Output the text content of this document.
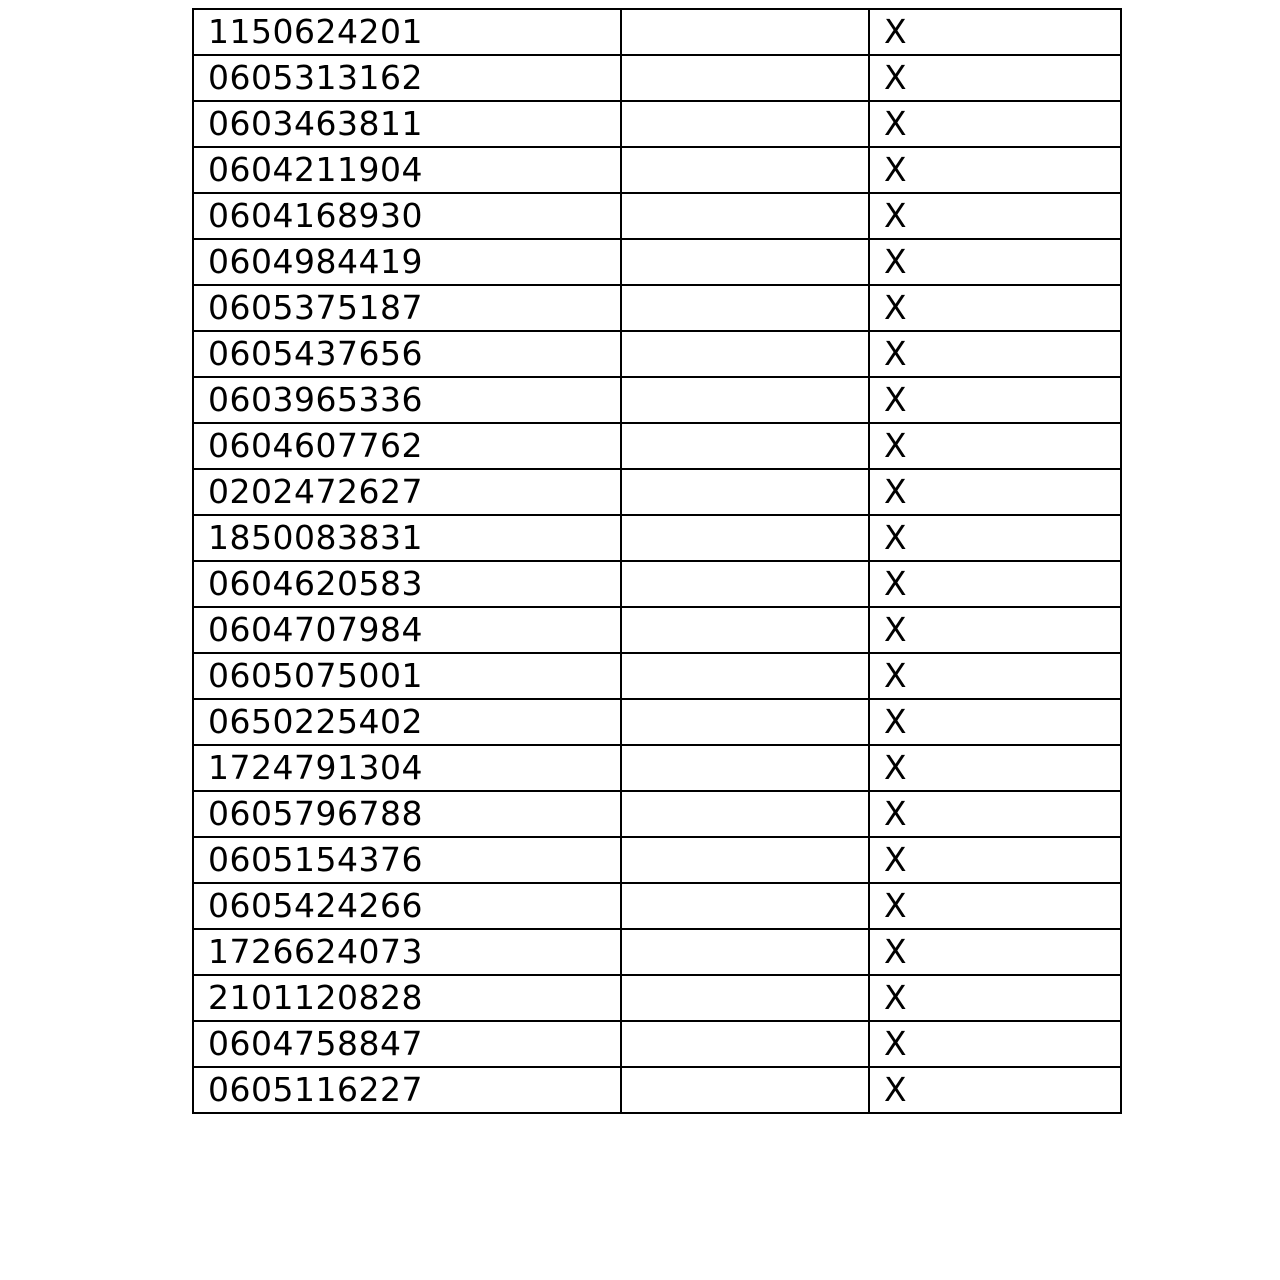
1150624201		X
0605313162		X
0603463811		X
0604211904		X
0604168930		X
0604984419		X
0605375187		X
0605437656		X
0603965336		X
0604607762		X
0202472627		X
1850083831		X
0604620583		X
0604707984		X
0605075001		X
0650225402		X
1724791304		X
0605796788		X
0605154376		X
0605424266		X
1726624073		X
2101120828		X
0604758847		X
0605116227		X
